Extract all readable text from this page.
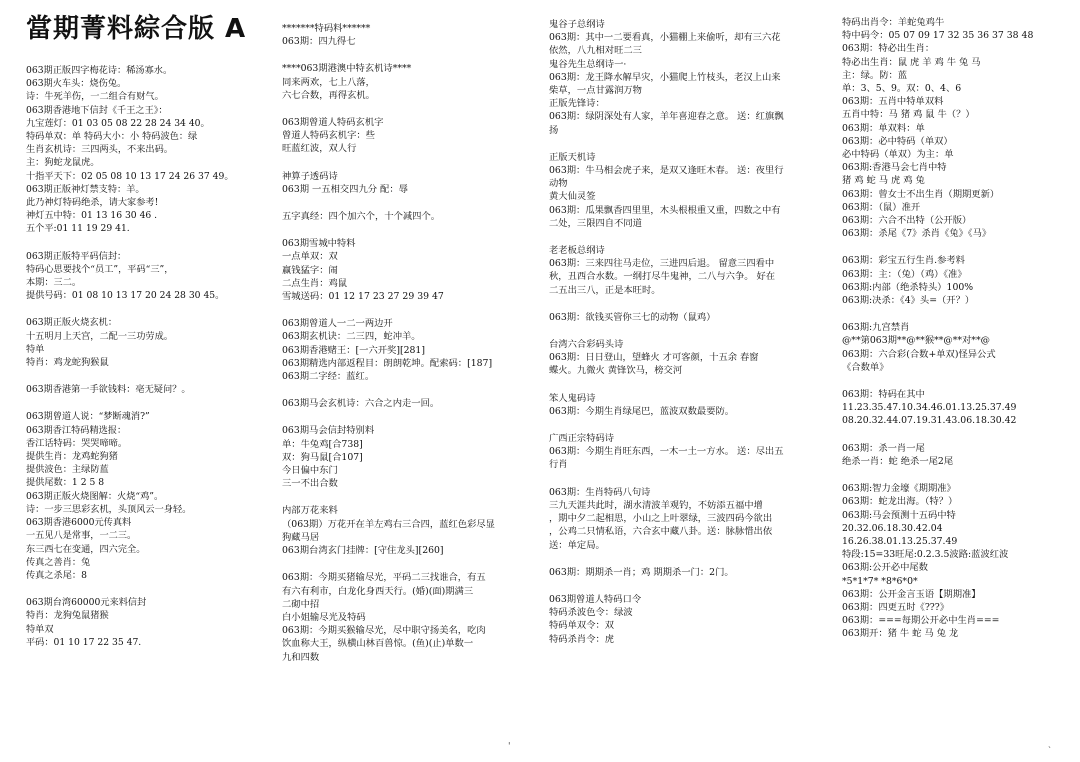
當期菁料綜合版 A
063期正版四字梅花诗：稀汤寡水。
063期火车头：烧伤兔。
诗：牛死羊伤，一二组合有财气。
063期香港地下信封《千王之王》：
九宝莲灯：01 03 05 08 22 28 24 34 40。
特码单双：单 特码大小：小 特码波色：绿
生肖玄机诗：三四两头，不来出码。
主：狗蛇龙鼠虎。
十指平天下：02 05 08 10 13 17 24 26 37 49。
063期正版神灯禁支特：羊。
此乃神灯特码绝杀，请大家参考!
神灯五中特：01 13 16 30 46 .
五个平:01 11 19 29 41.
063期正版特平码信封：
特码心思要找个“员工”，平码“三”，
本期：三二。
提供号码：01 08 10 13 17 20 24 28 30 45。
063期正版火烧玄机：
十五明月上天宫，二配一三功劳成。
特单
特肖：鸡龙蛇狗猴鼠
063期香港第一手欲钱料：亳无疑问？。
063期曾道人说：“梦断魂消?”
063期香江特码精选报：
香江话特码：哭哭啼啼。
提供生肖：龙鸡蛇狗猪
提供波色：主绿防蓝
提供尾数：1 2 5 8
063期正版火烧图解：火烧“鸡”。
诗：一步三思彩玄机，头顶风云一身轻。
063期香港6000元传真料
一五见八是常事，一二三。
东三西七在变通，四六完全。
传真之善肖：兔
传真之杀尾：8
063期台湾60000元来料信封
特肖：龙狗兔鼠猪猴
特单双
平码：01 10 17 22 35 47.
*******特码料******
063期：四九得七
****063期港澳中特玄机诗****
同来两欢，七上八落，
六七合数，再得玄机。
063期曾道人特码玄机字
曾道人特码玄机字：些
旺蓝红波，双人行
神算子透码诗
063期 一五相交四九分 配：辱
五字真经：四个加六个，十个减四个。
063期雪城中特料
一点单双：双
赢钱猛字：闹
二点生肖：鸡鼠
雪城送码：01 12 17 23 27 29 39 47
063期曾道人一二一两边开
063期玄机诀：二三四，蛇冲羊。
063期香港赌王：[一六开奖][281]
063期精选内部返程目：朗朗乾坤。配索码：[187]
063期二字经：蓝红。
063期马会玄机诗：六合之内走一回。
063期马会信封特别料
单：牛兔鸡[合738]
双：狗马鼠[合107]
今日偏中东门
三一不出合数
内部万花来料
（063期）万花开在羊左鸡右三合四，蓝红色彩尽显
狗藏马居
063期台湾玄门挂牌：[守住龙头][260]
063期：今期买猪输尽光，平码二三找谁合，有五
有六有利市，白龙化身西天行。(婚)(面)期满三
二砌中招
白小姐输尽光及特码
063期：今期买猴输尽光，尽中职守扬美名，吃肉
饮血称大王，纵横山林百兽惊。(鱼)(止)单数一
九和四数
鬼谷子总纲诗
063期：其中一二要看真，小猫棚上来偷听，却有三六花
依然，八九相对旺二三
鬼谷先生总纲诗一·
063期：龙王降水解早灾，小猫爬上竹枝头，老汉上山来
柴草，一点甘露润万物
正版先锋诗：
063期：绿阴深处有人家，羊年喜迎春之意。 送：红旗飘
扬
正版天机诗
063期：牛马相会虎子来，是双又逢旺木春。 送：夜里行
动物
黄大仙灵签
063期：瓜果飘香四里里，木头根根重又重，四数之中有
二处，三限四自不同道
老老板总纲诗
063期：三来四往马走位，三进四后退。 留意三四看中
秋，丑西合水数。一纲打尽牛鬼神，二八与六争。 好在
二五出三八，正是本旺时。
063期：欲钱买管你三七的动物（鼠鸡）
台湾六合彩码头诗
063期：日日登山，望蜂火 才可客颜，十五余 春窗
蝶火。九微火 黄锋饮马，榜交河
笨人鬼码诗
063期：今期生肖绿尾巴，蓝波双数最要防。
广西正宗特码诗
063期：今期生肖旺东西，一木一土一方水。 送：尽出五
行肖
063期：生肖特码八句诗
三九天涯共此时，湖水清波羊观钓，不妨添五福中增
，期中夕二起相思，小山之上叶翠绿，三波四码今欲出
，公鸡二只情私语，六合玄中藏八卦。送：脉脉惜出依
送：单定局。
063期：期期杀一肖；鸡 期期杀一门：2门。
063期曾道人特码口令
特码杀波色令：绿波
特码单双令：双
特码杀肖令：虎
特码出肖令：羊蛇兔鸡牛
特中码令：05 07 09 17 32 35 36 37 38 48
063期：特必出生肖：
特必出生肖：鼠 虎 羊 鸡 牛 兔 马
主：绿。防：蓝
单：3、5、9。双：0、4、6
063期：五肖中特单双料
五肖中特：马 猪 鸡 鼠 牛（？）
063期：单双料：单
063期：必中特码（单双）
必中特码（单双）为主：单
063期:香港马会七肖中特
猪 鸡 蛇 马 虎 鸡 兔
063期：曾女士不出生肖（期期更新）
063期：（鼠）准开
063期：六合不出特（公开版）
063期：杀尾《7》杀肖《兔》《马》
063期：彩宝五行生肖.参考料
063期：主：（兔）（鸡）《准》
063期:内部（绝杀特头）100%
063期:决杀：《4》头=（开？）
063期:九宫禁肖
@**第063期**@**猴**@**对**@
063期：六合彩(合数+单双)怪异公式
《合数单》
063期：特码在其中
11.23.35.47.10.34.46.01.13.25.37.49
08.20.32.44.07.19.31.43.06.18.30.42
063期：杀一肖一尾
绝杀一肖：蛇 绝杀一尾2尾
063期:智力金壕《期期准》
063期：蛇龙出海。（特？）
063期:马会预测十五码中特
20.32.06.18.30.42.04
16.26.38.01.13.25.37.49
特段:15=33旺尾:0.2.3.5波路:蓝波红波
063期:公开必中尾数
*5*1*7* *8*6*0*
063期：公开金言玉语【期期准】
063期：四更五时《???》
063期：===每期公开必中生肖===
063期开：猪 牛 蛇 马 兔 龙
'	ˎ
